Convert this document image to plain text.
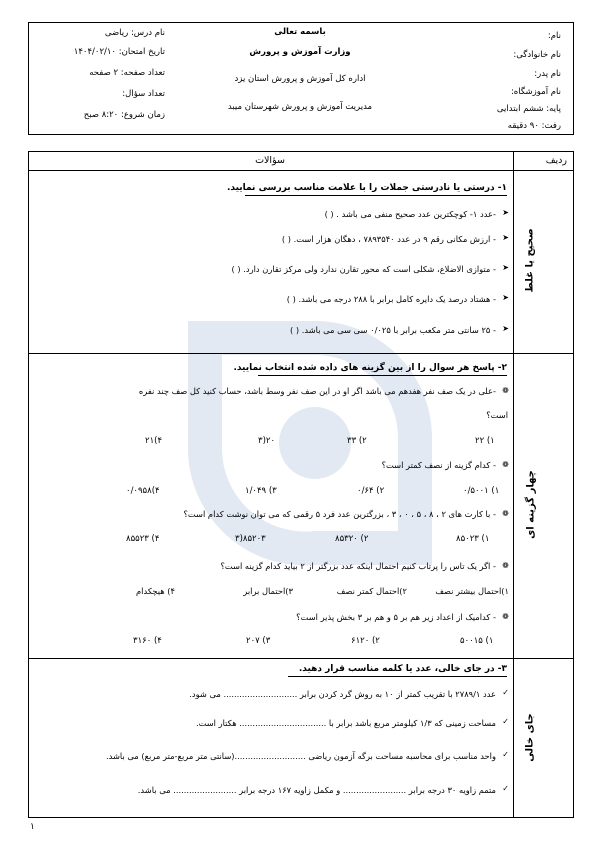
نام درس: ریاضی
تاریخ امتحان: ۱۴۰۴/۰۲/۱۰
تعداد صفحه: ۲ صفحه
تعداد سؤال:
زمان شروع: ۸:۲۰ صبح
باسمه تعالی
وزارت آموزش و پرورش
اداره کل آموزش و پرورش استان یزد
مدیریت آموزش و پرورش شهرستان میبد
نام:
نام خانوادگی:
نام پدر:
نام آموزشگاه:
پایه: ششم ابتدایی
رفت: ۹۰ دقیقه
سؤالات	ردیف
صحیح یا غلط
۱- درستی یا نادرستی جملات را با علامت مناسب بررسی نمایید.
-عدد ۱- کوچکترین عدد صحیح منفی می باشد . ( ) ➤
- ارزش مکانی رقم ۹ در عدد ۷۸۹۳۵۴۰ ، دهگان هزار است. ( ) ➤
- متوازی الاضلاع، شکلی است که محور تقارن ندارد ولی مرکز تقارن دارد. ( ) ➤
- هشتاد درصد یک دایره کامل برابر با ۲۸۸ درجه می باشد. ( ) ➤
- ۲۵ سانتی متر مکعب برابر با ۰/۰۲۵ سی سی می باشد. ( ) ➤
چهار گزینه ای
۲- پاسخ هر سوال را از بین گزینه های داده شده انتخاب نمایید.
❁
-علی در یک صف نفر هفدهم می باشد اگر او در این صف نفر وسط باشد، حساب کنید کل صف چند نفره
است؟
۲۲ (۱
۳۳ (۲
۳)۲۰
۲۱(۴
❁
- کدام گزینه از نصف کمتر است؟
۰/۵۰۰۱ (۱
۰/۶۴ (۲
۱/۰۴۹ (۳
۰/۰۹۵۸(۴
❁
- با کارت های ۲ ، ۸ ، ۵ ، ۰ ، ۳ ، بزرگترین عدد فرد ۵ رقمی که می توان نوشت کدام است؟
۸۵۰۲۳ (۱
۸۵۳۲۰ (۲
۳)۸۵۲۰۳
۸۵۵۲۳ (۴
❁
- اگر یک تاس را پرتاب کنیم احتمال اینکه عدد بزرگتر از ۲ بیاید کدام گزینه است؟
۱)احتمال بیشتر نصف
۲)احتمال کمتر نصف
۳)احتمال برابر
۴) هیچکدام
❁
- کدامیک از اعداد زیر هم بر ۵ و هم بر ۳ بخش پذیر است؟
۵۰۰۱۵ (۱
۶۱۲۰ (۲
۲۰۷ (۳
۳۱۶۰ (۴
جای خالی
۳- در جای خالی، عدد یا کلمه مناسب قرار دهید.
✓
عدد ۲۷۸۹/۱ با تقریب کمتر از ۱۰ به روش گرد کردن برابر ............................ می شود.
✓
مساحت زمینی که ۱/۳ کیلومتر مربع باشد برابر با ................................. هکتار است.
✓
واحد مناسب برای محاسبه مساحت برگه آزمون ریاضی ...........................(سانتی متر مربع-متر مربع) می باشد.
✓
متمم زاویه ۳۰ درجه برابر ........................ و مکمل زاویه ۱۶۷ درجه برابر ........................ می باشد.
۱
